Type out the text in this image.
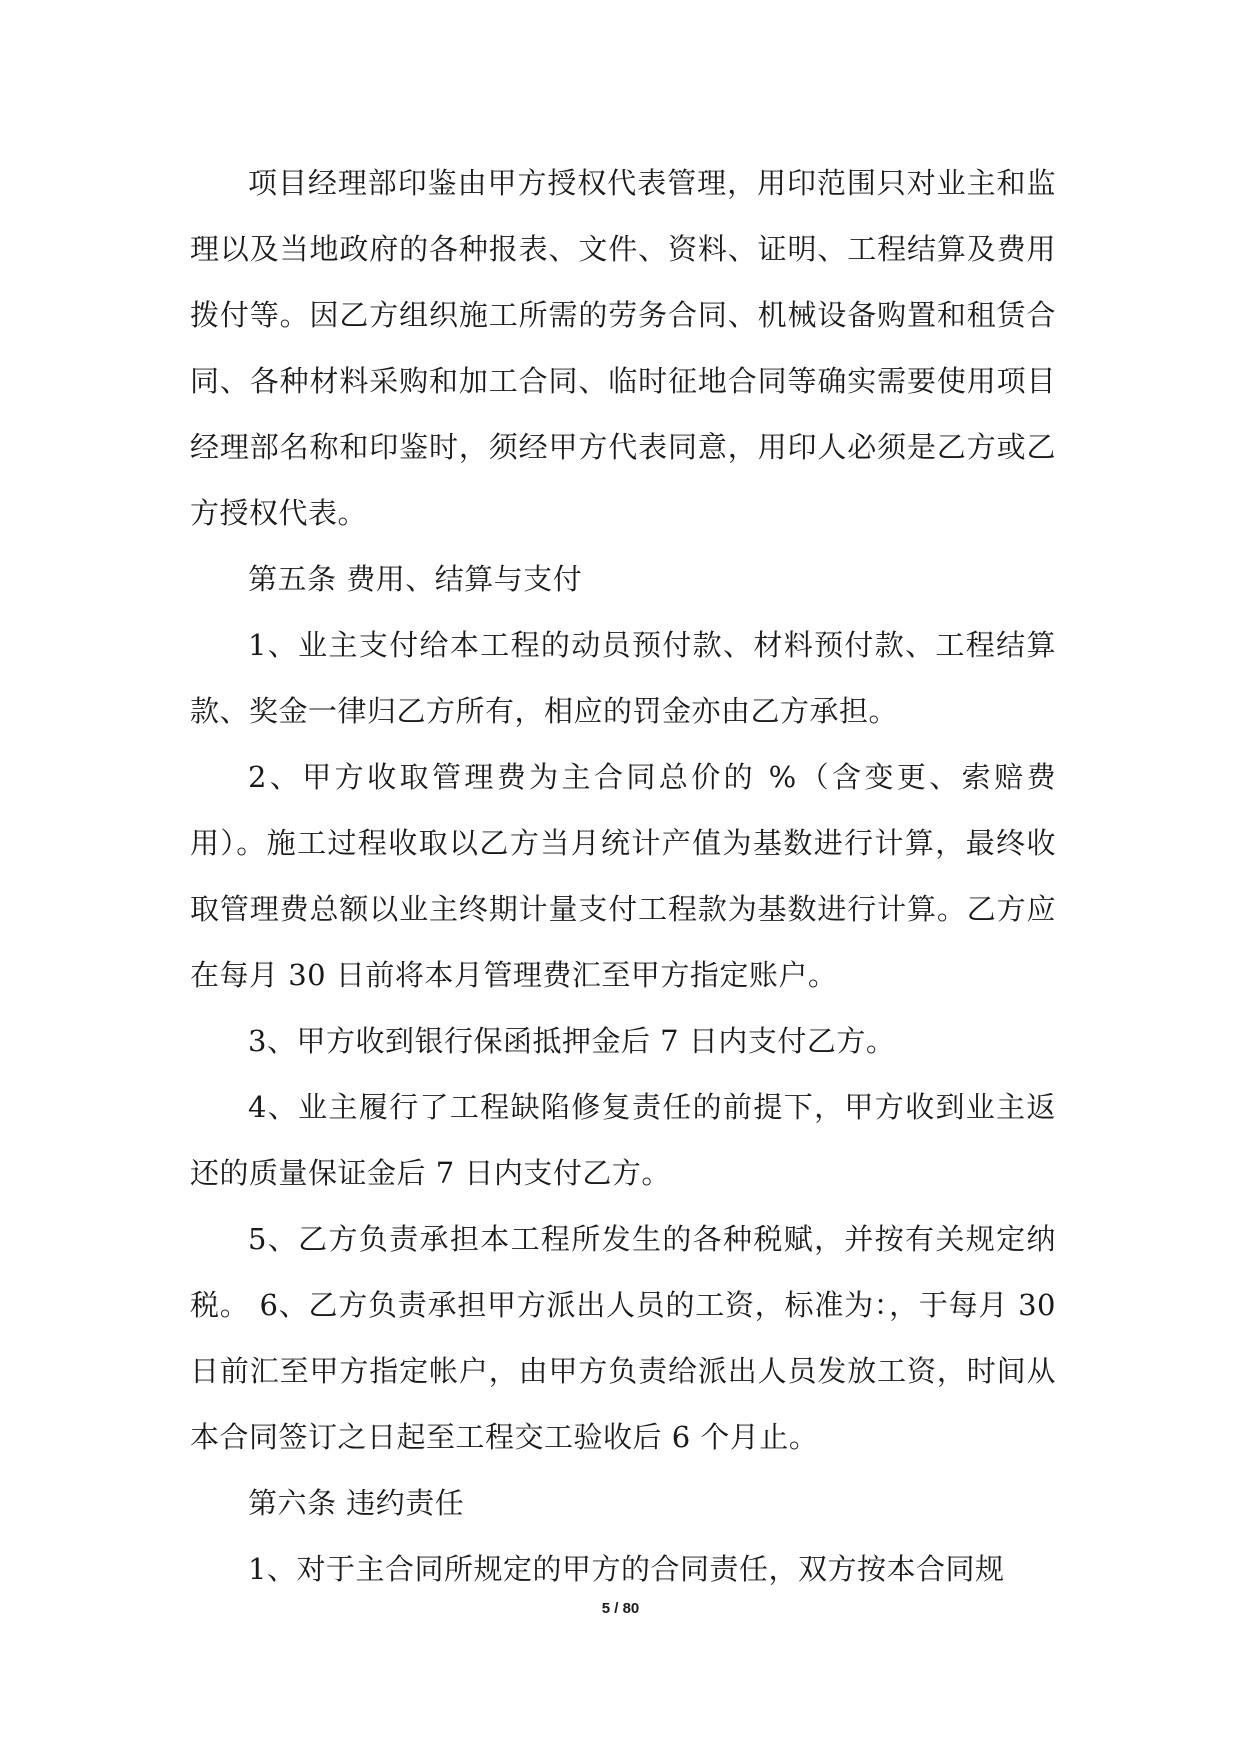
项目经理部印鉴由甲方授权代表管理，用印范围只对业主和监理以及当地政府的各种报表、文件、资料、证明、工程结算及费用拨付等。因乙方组织施工所需的劳务合同、机械设备购置和租赁合同、各种材料采购和加工合同、临时征地合同等确实需要使用项目经理部名称和印鉴时，须经甲方代表同意，用印人必须是乙方或乙方授权代表。

第五条 费用、结算与支付

1、业主支付给本工程的动员预付款、材料预付款、工程结算款、奖金一律归乙方所有，相应的罚金亦由乙方承担。

2、甲方收取管理费为主合同总价的 %（含变更、索赔费用）。施工过程收取以乙方当月统计产值为基数进行计算，最终收取管理费总额以业主终期计量支付工程款为基数进行计算。乙方应在每月 30 日前将本月管理费汇至甲方指定账户。

3、甲方收到银行保函抵押金后 7 日内支付乙方。

4、业主履行了工程缺陷修复责任的前提下，甲方收到业主返还的质量保证金后 7 日内支付乙方。

5、乙方负责承担本工程所发生的各种税赋，并按有关规定纳税。 6、乙方负责承担甲方派出人员的工资，标准为：，于每月 30 日前汇至甲方指定帐户，由甲方负责给派出人员发放工资，时间从本合同签订之日起至工程交工验收后 6 个月止。

第六条 违约责任

1、对于主合同所规定的甲方的合同责任，双方按本合同规

5 / 80
